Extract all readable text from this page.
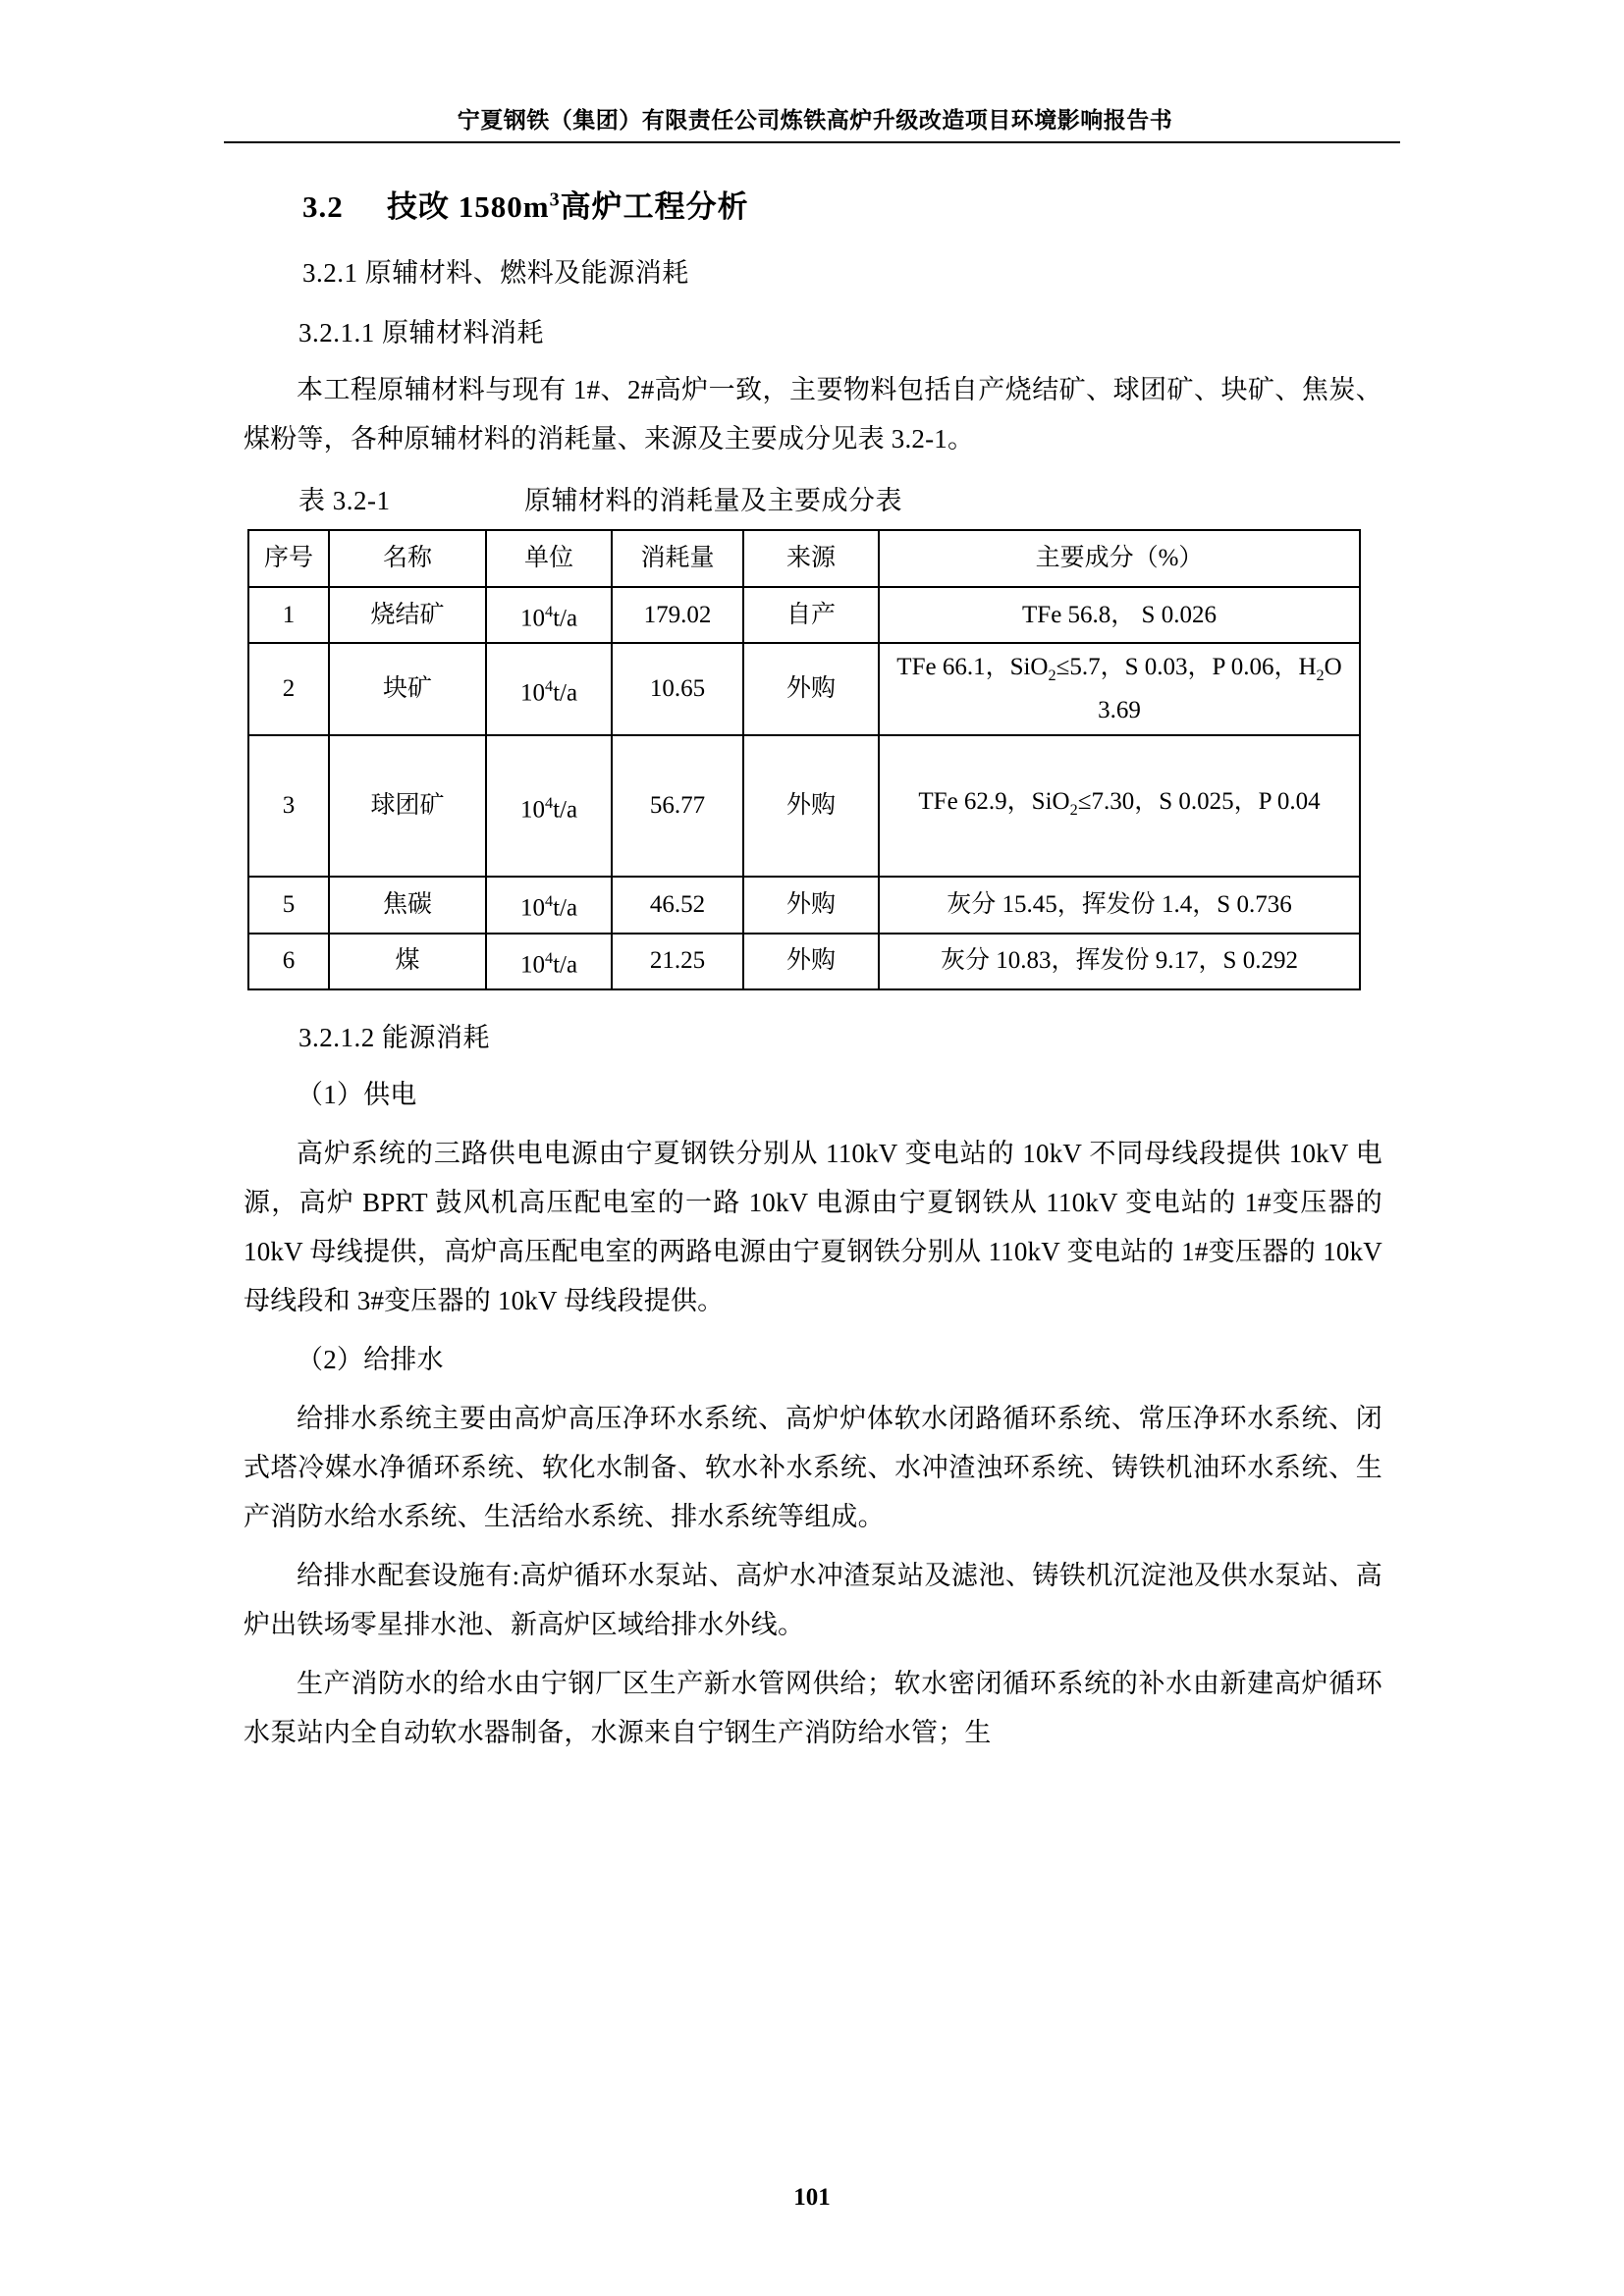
宁夏钢铁（集团）有限责任公司炼铁高炉升级改造项目环境影响报告书
3.2 技改 $1580m^3$高炉工程分析
3.2.1 原辅材料、燃料及能源消耗
3.2.1.1 原辅材料消耗

本工程原辅材料与现有 1#、2#高炉一致，主要物料包括自产烧结矿、球团矿、块矿、焦炭、煤粉等，各种原辅材料的消耗量、来源及主要成分见表 3.2-1。

表 3.2-1	原辅材料的消耗量及主要成分表
序号	名称	单位	消耗量	来源	主要成分（%）
1	烧结矿	$10^4t/a$	179.02	自产	TFe 56.8， S 0.026
2	块矿	$10^4t/a$	10.65	外购	TFe 66.1，SiO$_2$≤5.7，S 0.03，P 0.06，$H_2O$ 3.69
3	球团矿	$10^4t/a$	56.77	外购	TFe 62.9，SiO$_2$≤7.30，S 0.025，P 0.04
5	焦碳	$10^4t/a$	46.52	外购	灰分 15.45，挥发份 1.4，S 0.736
6	煤	$10^4t/a$	21.25	外购	灰分 10.83，挥发份 9.17，S 0.292
3.2.1.2 能源消耗

（1）供电

高炉系统的三路供电电源由宁夏钢铁分别从 110kV 变电站的 10kV 不同母线段提供 10kV 电源，高炉 BPRT 鼓风机高压配电室的一路 10kV 电源由宁夏钢铁从 110kV 变电站的 1#变压器的 10kV 母线提供，高炉高压配电室的两路电源由宁夏钢铁分别从 110kV 变电站的 1#变压器的 10kV 母线段和 3#变压器的 10kV 母线段提供。

（2）给排水

给排水系统主要由高炉高压净环水系统、高炉炉体软水闭路循环系统、常压净环水系统、闭式塔冷媒水净循环系统、软化水制备、软水补水系统、水冲渣浊环系统、铸铁机油环水系统、生产消防水给水系统、生活给水系统、排水系统等组成。

给排水配套设施有:高炉循环水泵站、高炉水冲渣泵站及滤池、铸铁机沉淀池及供水泵站、高炉出铁场零星排水池、新高炉区域给排水外线。

生产消防水的给水由宁钢厂区生产新水管网供给；软水密闭循环系统的补水由新建高炉循环水泵站内全自动软水器制备，水源来自宁钢生产消防给水管；生

101
